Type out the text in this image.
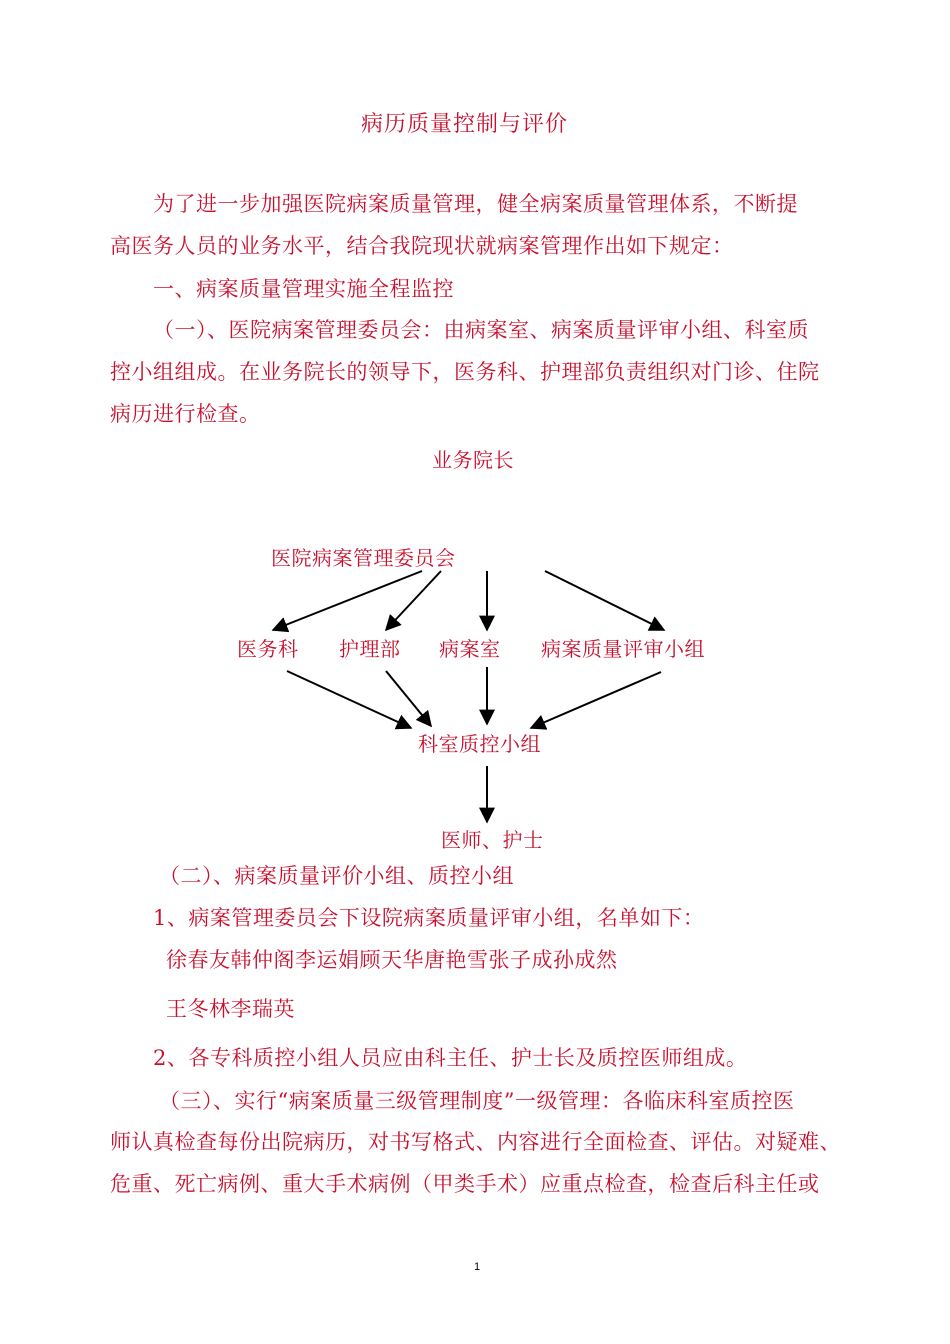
病历质量控制与评价
为了进一步加强医院病案质量管理，健全病案质量管理体系，不断提
高医务人员的业务水平，结合我院现状就病案管理作出如下规定：
一、病案质量管理实施全程监控
（一）、医院病案管理委员会：由病案室、病案质量评审小组、科室质
控小组组成。在业务院长的领导下，医务科、护理部负责组织对门诊、住院
病历进行检查。
业务院长
医院病案管理委员会
医务科 护理部 病案室 病案质量评审小组
科室质控小组
医师、护士
（二）、病案质量评价小组、质控小组
1、病案管理委员会下设院病案质量评审小组，名单如下：
徐春友韩仲阁李运娟顾天华唐艳雪张子成孙成然
王冬林李瑞英
2、各专科质控小组人员应由科主任、护士长及质控医师组成。
（三）、实行“病案质量三级管理制度”一级管理：各临床科室质控医
师认真检查每份出院病历，对书写格式、内容进行全面检查、评估。对疑难、
危重、死亡病例、重大手术病例（甲类手术）应重点检查，检查后科主任或
1
